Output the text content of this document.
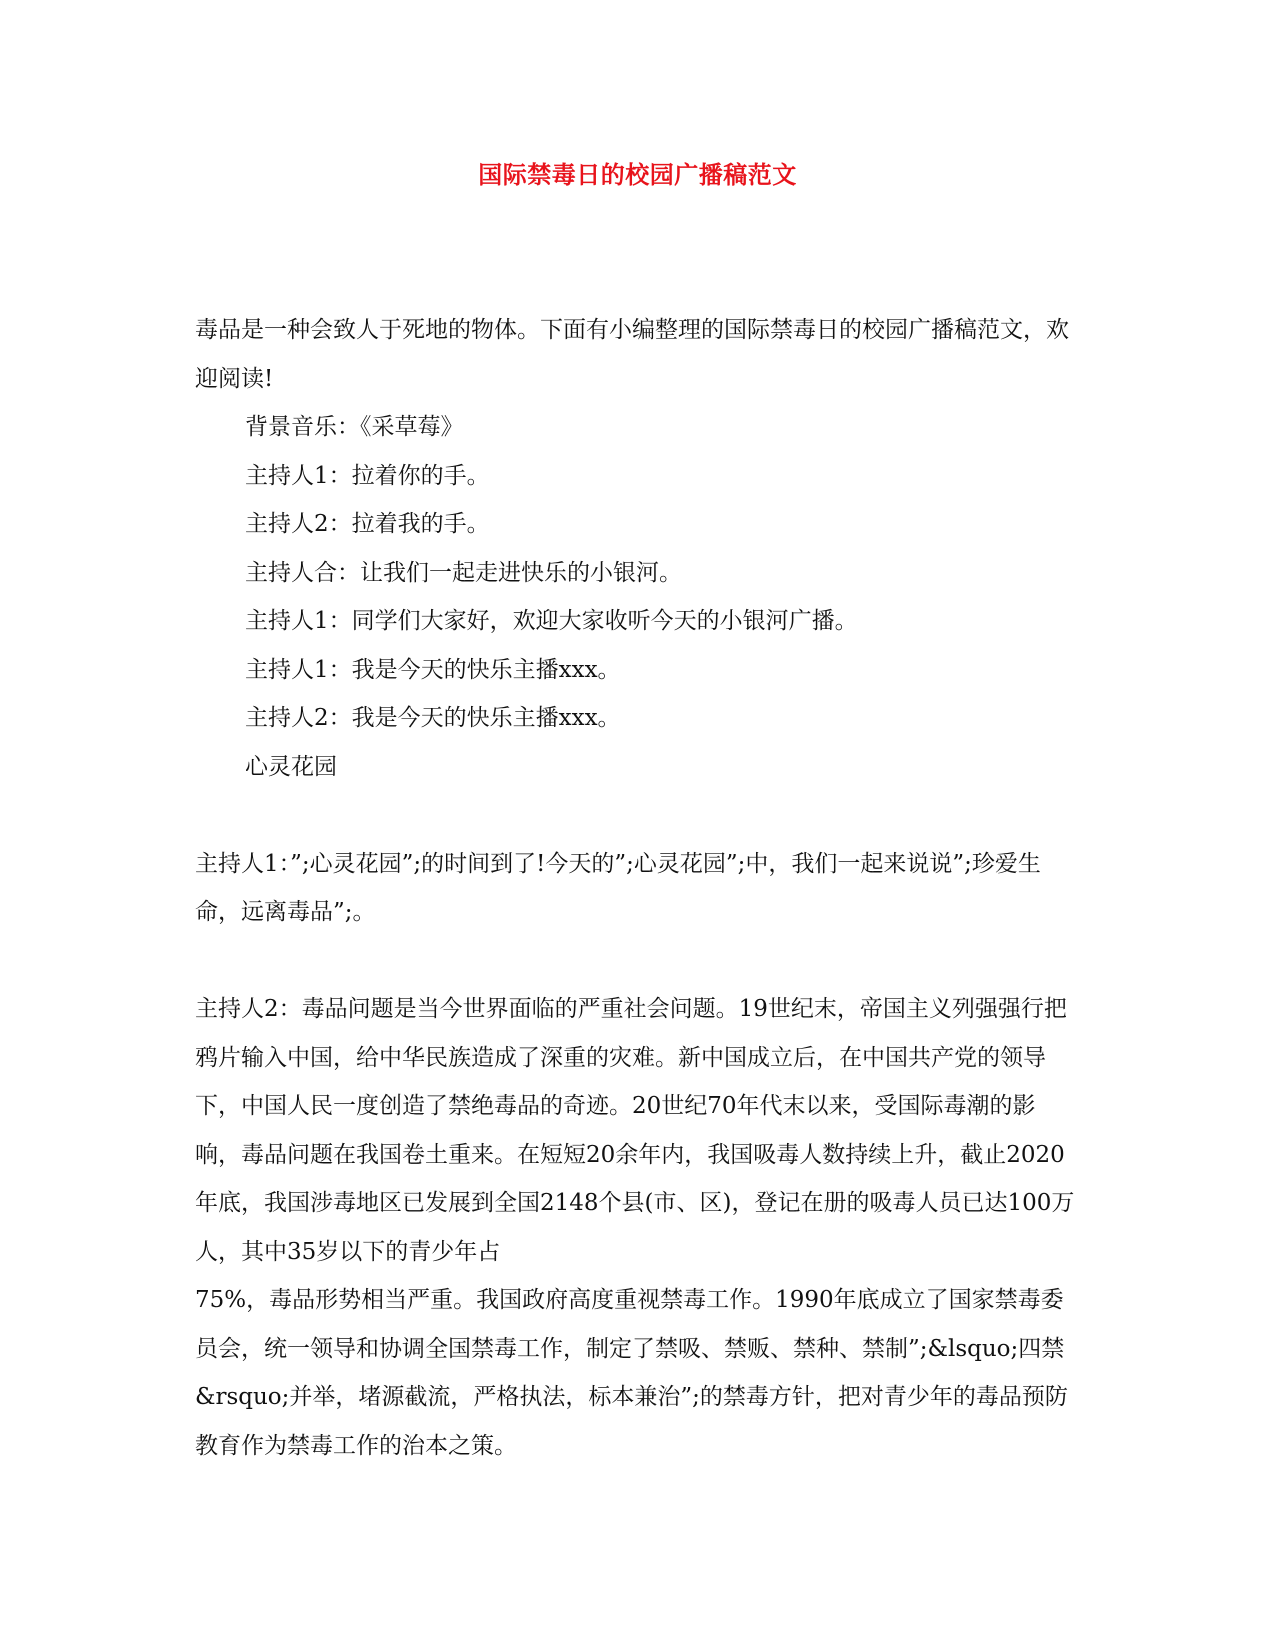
国际禁毒日的校园广播稿范文

毒品是一种会致人于死地的物体。下面有小编整理的国际禁毒日的校园广播稿范文，欢迎阅读!

背景音乐：《采草莓》

主持人1：拉着你的手。

主持人2：拉着我的手。

主持人合：让我们一起走进快乐的小银河。

主持人1：同学们大家好，欢迎大家收听今天的小银河广播。

主持人1：我是今天的快乐主播xxx。

主持人2：我是今天的快乐主播xxx。

心灵花园

主持人1：”;心灵花园”;的时间到了!今天的”;心灵花园”;中，我们一起来说说”;珍爱生命，远离毒品”;。

主持人2：毒品问题是当今世界面临的严重社会问题。19世纪末，帝国主义列强强行把鸦片输入中国，给中华民族造成了深重的灾难。新中国成立后，在中国共产党的领导下，中国人民一度创造了禁绝毒品的奇迹。20世纪70年代末以来，受国际毒潮的影响，毒品问题在我国卷土重来。在短短20余年内，我国吸毒人数持续上升，截止2020年底，我国涉毒地区已发展到全国2148个县(市、区)，登记在册的吸毒人员已达100万人，其中35岁以下的青少年占

75%，毒品形势相当严重。我国政府高度重视禁毒工作。1990年底成立了国家禁毒委员会，统一领导和协调全国禁毒工作，制定了禁吸、禁贩、禁种、禁制”;&lsquo;四禁&rsquo;并举，堵源截流，严格执法，标本兼治”;的禁毒方针，把对青少年的毒品预防教育作为禁毒工作的治本之策。
